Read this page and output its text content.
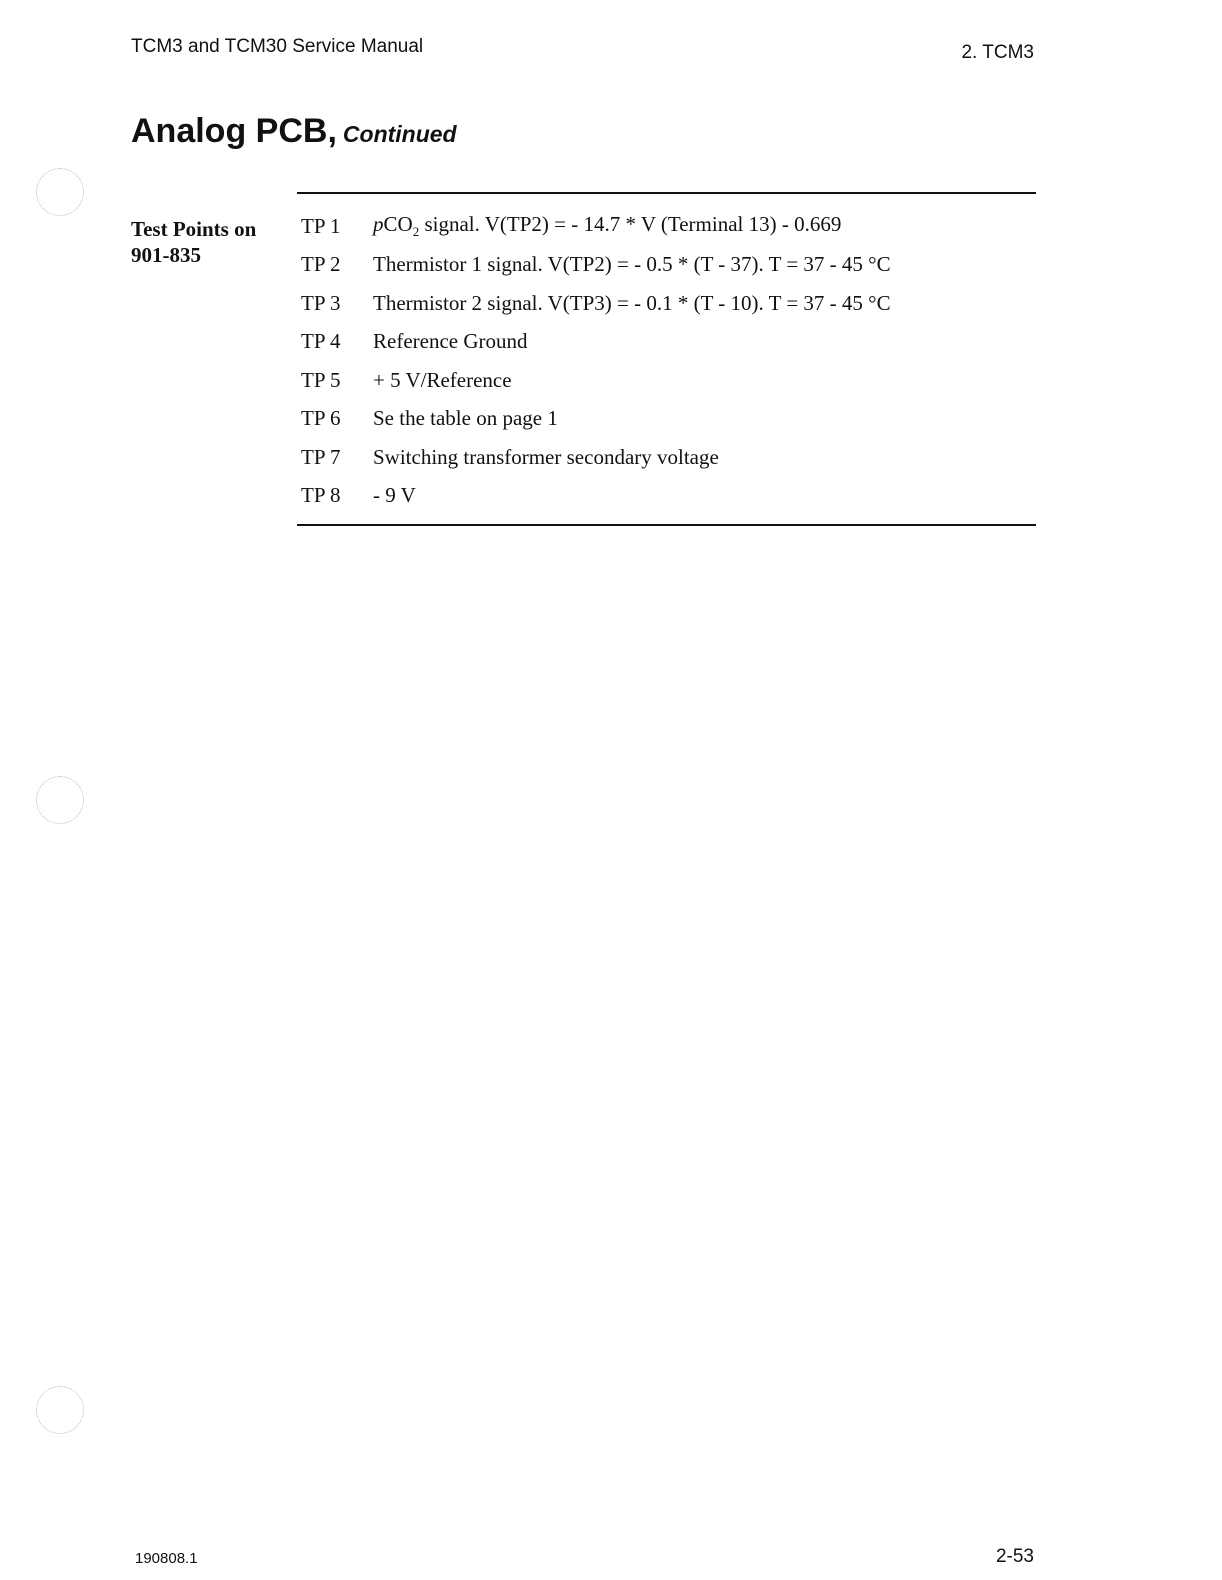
TCM3 and TCM30 Service Manual	2. TCM3
Analog PCB, Continued
Test Points on
901-835
TP 1	pCO$_2$ signal. V(TP2) = - 14.7 * V (Terminal 13) - 0.669
TP 2	Thermistor 1 signal. V(TP2) = - 0.5 * (T - 37). T = 37 - 45 °C
TP 3	Thermistor 2 signal. V(TP3) = - 0.1 * (T - 10). T = 37 - 45 °C
TP 4	Reference Ground
TP 5	+ 5 V/Reference
TP 6	Se the table on page 1
TP 7	Switching transformer secondary voltage
TP 8	- 9 V
190808.1	2-53
